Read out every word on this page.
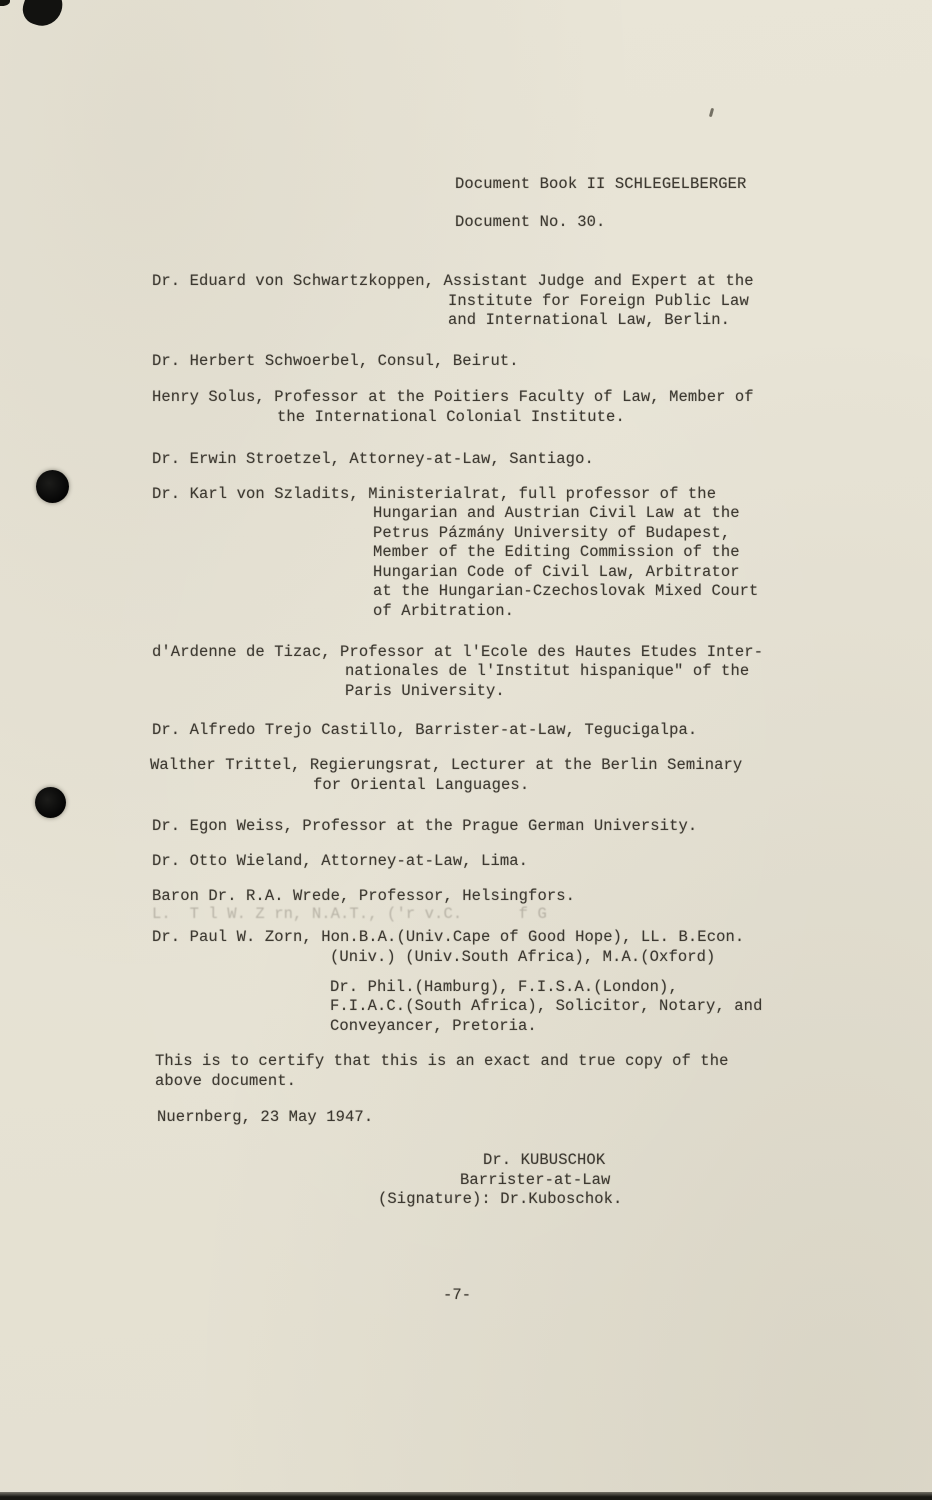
Document Book II SCHLEGELBERGER
Document No. 30.
Dr. Eduard von Schwartzkoppen, Assistant Judge and Expert at the
Institute for Foreign Public Law
and International Law, Berlin.
Dr. Herbert Schwoerbel, Consul, Beirut.
Henry Solus, Professor at the Poitiers Faculty of Law, Member of
the International Colonial Institute.
Dr. Erwin Stroetzel, Attorney-at-Law, Santiago.
Dr. Karl von Szladits, Ministerialrat, full professor of the
Hungarian and Austrian Civil Law at the
Petrus Pázmány University of Budapest,
Member of the Editing Commission of the
Hungarian Code of Civil Law, Arbitrator
at the Hungarian-Czechoslovak Mixed Court
of Arbitration.
d'Ardenne de Tizac, Professor at l'Ecole des Hautes Etudes Inter-
nationales de l'Institut hispanique" of the
Paris University.
Dr. Alfredo Trejo Castillo, Barrister-at-Law, Tegucigalpa.
Walther Trittel, Regierungsrat, Lecturer at the Berlin Seminary
for Oriental Languages.
Dr. Egon Weiss, Professor at the Prague German University.
Dr. Otto Wieland, Attorney-at-Law, Lima.
Baron Dr. R.A. Wrede, Professor, Helsingfors.
L.  T l W. Z rn, N.A.T., ('r v.C.      f G
Dr. Paul W. Zorn, Hon.B.A.(Univ.Cape of Good Hope), LL. B.Econ.
(Univ.) (Univ.South Africa), M.A.(Oxford)
Dr. Phil.(Hamburg), F.I.S.A.(London),
F.I.A.C.(South Africa), Solicitor, Notary, and
Conveyancer, Pretoria.
This is to certify that this is an exact and true copy of the
above document.
Nuernberg, 23 May 1947.
Dr. KUBUSCHOK
Barrister-at-Law
(Signature): Dr.Kuboschok.
-7-
